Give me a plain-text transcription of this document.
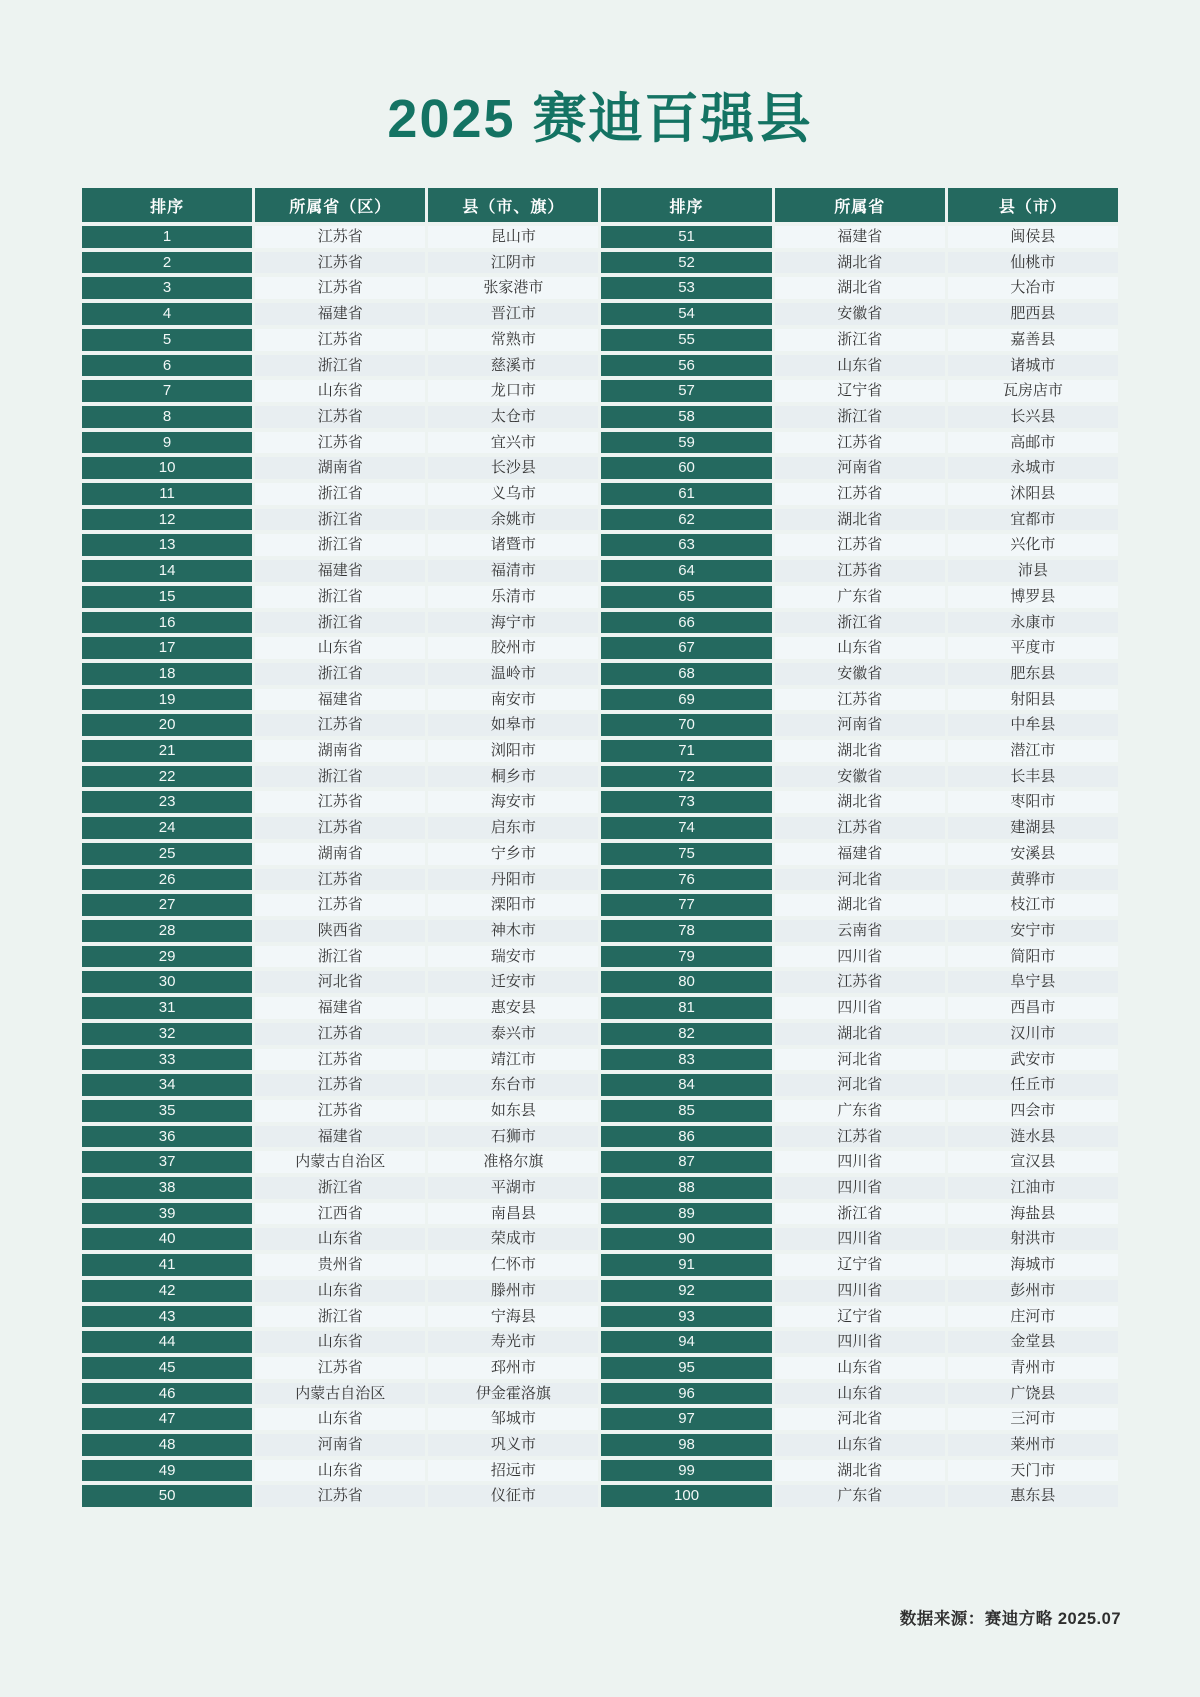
2025 赛迪百强县
排序	所属省（区）	县（市、旗）	排序	所属省	县（市）
1	江苏省	昆山市	51	福建省	闽侯县
2	江苏省	江阴市	52	湖北省	仙桃市
3	江苏省	张家港市	53	湖北省	大冶市
4	福建省	晋江市	54	安徽省	肥西县
5	江苏省	常熟市	55	浙江省	嘉善县
6	浙江省	慈溪市	56	山东省	诸城市
7	山东省	龙口市	57	辽宁省	瓦房店市
8	江苏省	太仓市	58	浙江省	长兴县
9	江苏省	宜兴市	59	江苏省	高邮市
10	湖南省	长沙县	60	河南省	永城市
11	浙江省	义乌市	61	江苏省	沭阳县
12	浙江省	余姚市	62	湖北省	宜都市
13	浙江省	诸暨市	63	江苏省	兴化市
14	福建省	福清市	64	江苏省	沛县
15	浙江省	乐清市	65	广东省	博罗县
16	浙江省	海宁市	66	浙江省	永康市
17	山东省	胶州市	67	山东省	平度市
18	浙江省	温岭市	68	安徽省	肥东县
19	福建省	南安市	69	江苏省	射阳县
20	江苏省	如皋市	70	河南省	中牟县
21	湖南省	浏阳市	71	湖北省	潜江市
22	浙江省	桐乡市	72	安徽省	长丰县
23	江苏省	海安市	73	湖北省	枣阳市
24	江苏省	启东市	74	江苏省	建湖县
25	湖南省	宁乡市	75	福建省	安溪县
26	江苏省	丹阳市	76	河北省	黄骅市
27	江苏省	溧阳市	77	湖北省	枝江市
28	陕西省	神木市	78	云南省	安宁市
29	浙江省	瑞安市	79	四川省	简阳市
30	河北省	迁安市	80	江苏省	阜宁县
31	福建省	惠安县	81	四川省	西昌市
32	江苏省	泰兴市	82	湖北省	汉川市
33	江苏省	靖江市	83	河北省	武安市
34	江苏省	东台市	84	河北省	任丘市
35	江苏省	如东县	85	广东省	四会市
36	福建省	石狮市	86	江苏省	涟水县
37	内蒙古自治区	准格尔旗	87	四川省	宣汉县
38	浙江省	平湖市	88	四川省	江油市
39	江西省	南昌县	89	浙江省	海盐县
40	山东省	荣成市	90	四川省	射洪市
41	贵州省	仁怀市	91	辽宁省	海城市
42	山东省	滕州市	92	四川省	彭州市
43	浙江省	宁海县	93	辽宁省	庄河市
44	山东省	寿光市	94	四川省	金堂县
45	江苏省	邳州市	95	山东省	青州市
46	内蒙古自治区	伊金霍洛旗	96	山东省	广饶县
47	山东省	邹城市	97	河北省	三河市
48	河南省	巩义市	98	山东省	莱州市
49	山东省	招远市	99	湖北省	天门市
50	江苏省	仪征市	100	广东省	惠东县
数据来源：赛迪方略 2025.07
